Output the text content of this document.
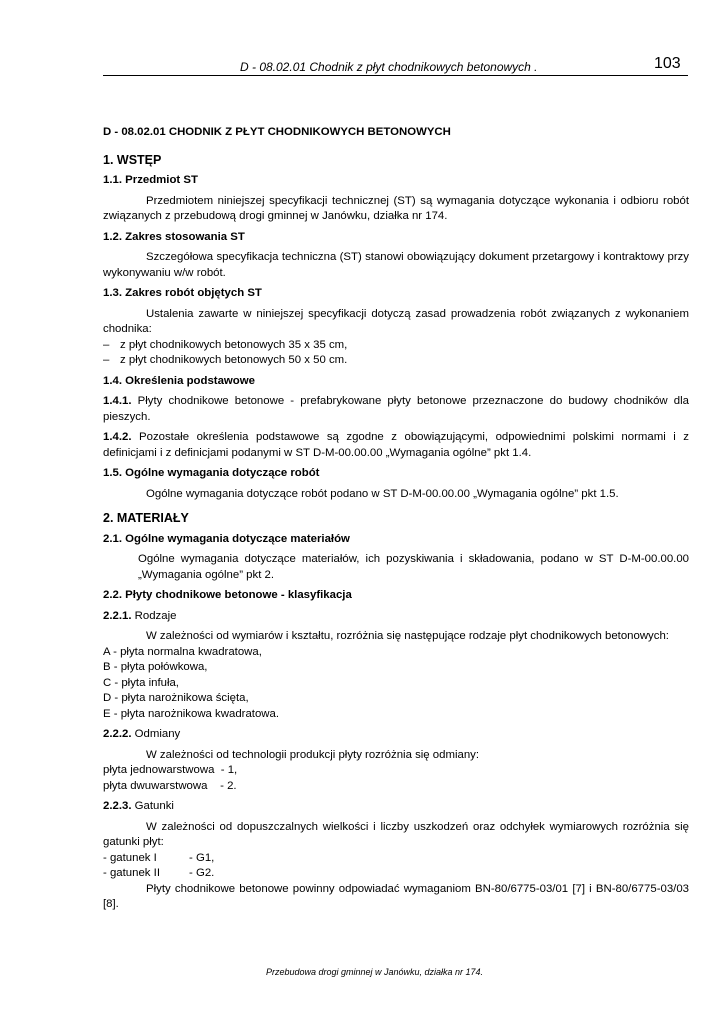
D - 08.02.01 Chodnik z płyt chodnikowych betonowych .	103
D - 08.02.01 CHODNIK Z PŁYT CHODNIKOWYCH BETONOWYCH
1. WSTĘP
1.1. Przedmiot ST

Przedmiotem niniejszej specyfikacji technicznej (ST) są wymagania dotyczące wykonania i odbioru robót związanych z przebudową drogi gminnej w Janówku, działka nr 174.

1.2. Zakres stosowania ST

Szczegółowa specyfikacja techniczna (ST) stanowi obowiązujący dokument przetargowy i kontraktowy przy wykonywaniu w/w robót.

1.3. Zakres robót objętych ST

Ustalenia zawarte w niniejszej specyfikacji dotyczą zasad prowadzenia robót związanych z wykonaniem chodnika:

– z płyt chodnikowych betonowych 35 x 35 cm,
– z płyt chodnikowych betonowych 50 x 50 cm.
1.4. Określenia podstawowe

1.4.1. Płyty chodnikowe betonowe - prefabrykowane płyty betonowe przeznaczone do budowy chodników dla pieszych.

1.4.2. Pozostałe określenia podstawowe są zgodne z obowiązującymi, odpowiednimi polskimi normami i z definicjami i z definicjami podanymi w ST D-M-00.00.00 „Wymagania ogólne” pkt 1.4.

1.5. Ogólne wymagania dotyczące robót

Ogólne wymagania dotyczące robót podano w ST D-M-00.00.00 „Wymagania ogólne” pkt 1.5.

2. MATERIAŁY
2.1. Ogólne wymagania dotyczące materiałów

Ogólne wymagania dotyczące materiałów, ich pozyskiwania i składowania, podano w ST D-M-00.00.00 „Wymagania ogólne” pkt 2.

2.2. Płyty chodnikowe betonowe - klasyfikacja

2.2.1. Rodzaje

W zależności od wymiarów i kształtu, rozróżnia się następujące rodzaje płyt chodnikowych betonowych:

A - płyta normalna kwadratowa,
B - płyta połówkowa,
C - płyta infuła,
D - płyta narożnikowa ścięta,
E - płyta narożnikowa kwadratowa.

2.2.2. Odmiany

W zależności od technologii produkcji płyty rozróżnia się odmiany:

płyta jednowarstwowa  - 1,
płyta dwuwarstwowa    - 2.

2.2.3. Gatunki

W zależności od dopuszczalnych wielkości i liczby uszkodzeń oraz odchyłek wymiarowych rozróżnia się gatunki płyt:

- gatunek I	- G1,
- gatunek II	- G2.

Płyty chodnikowe betonowe powinny odpowiadać wymaganiom BN-80/6775-03/01 [7] i BN-80/6775-03/03 [8].

Przebudowa drogi gminnej w Janówku, działka nr 174.
